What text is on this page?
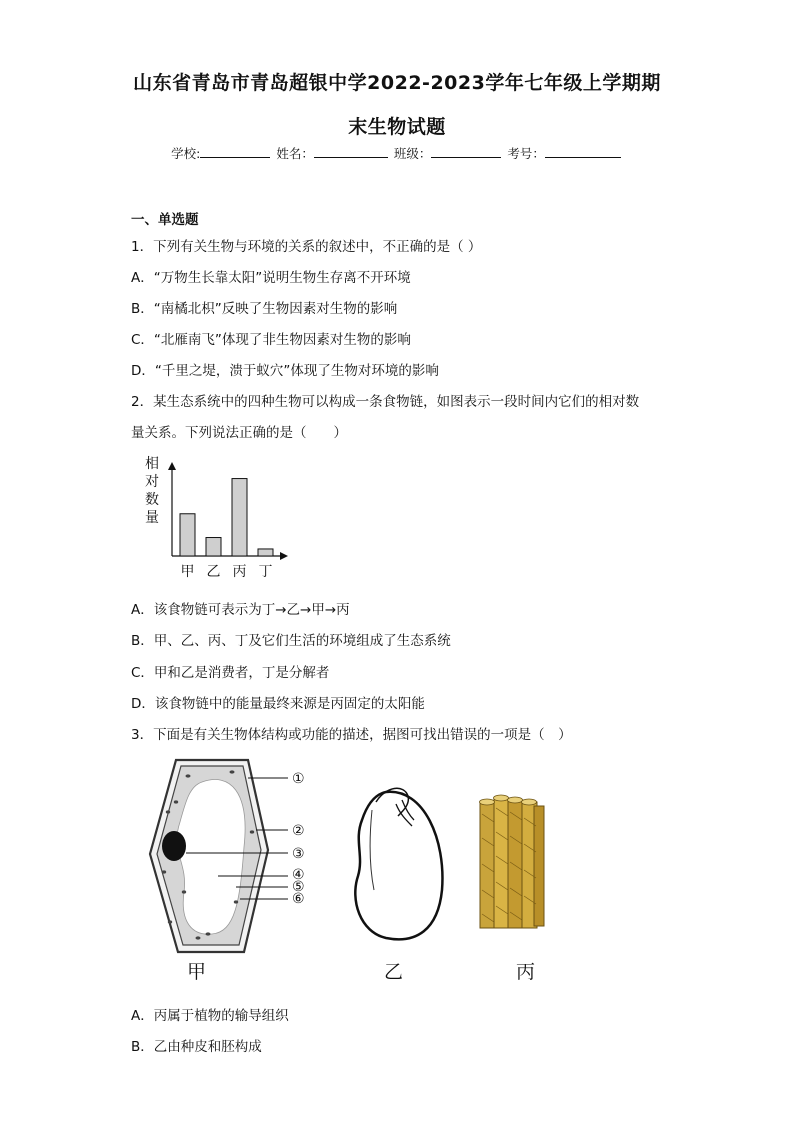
山东省青岛市青岛超银中学2022-2023学年七年级上学期期
末生物试题
学校:	姓名：	班级：	考号：
一、单选题
1．下列有关生物与环境的关系的叙述中，不正确的是（ ）
A．“万物生长靠太阳”说明生物生存离不开环境
B．“南橘北枳”反映了生物因素对生物的影响
C．“北雁南飞”体现了非生物因素对生物的影响
D．“千里之堤，溃于蚁穴”体现了生物对环境的影响
2．某生态系统中的四种生物可以构成一条食物链，如图表示一段时间内它们的相对数
量关系。下列说法正确的是（　　）
相
对
数
量
甲 乙 丙 丁
A．该食物链可表示为丁→乙→甲→丙
B．甲、乙、丙、丁及它们生活的环境组成了生态系统
C．甲和乙是消费者，丁是分解者
D．该食物链中的能量最终来源是丙固定的太阳能
3．下面是有关生物体结构或功能的描述，据图可找出错误的一项是（　）
①
②
③
④
⑤
⑥
甲	乙	丙
A．丙属于植物的输导组织
B．乙由种皮和胚构成
